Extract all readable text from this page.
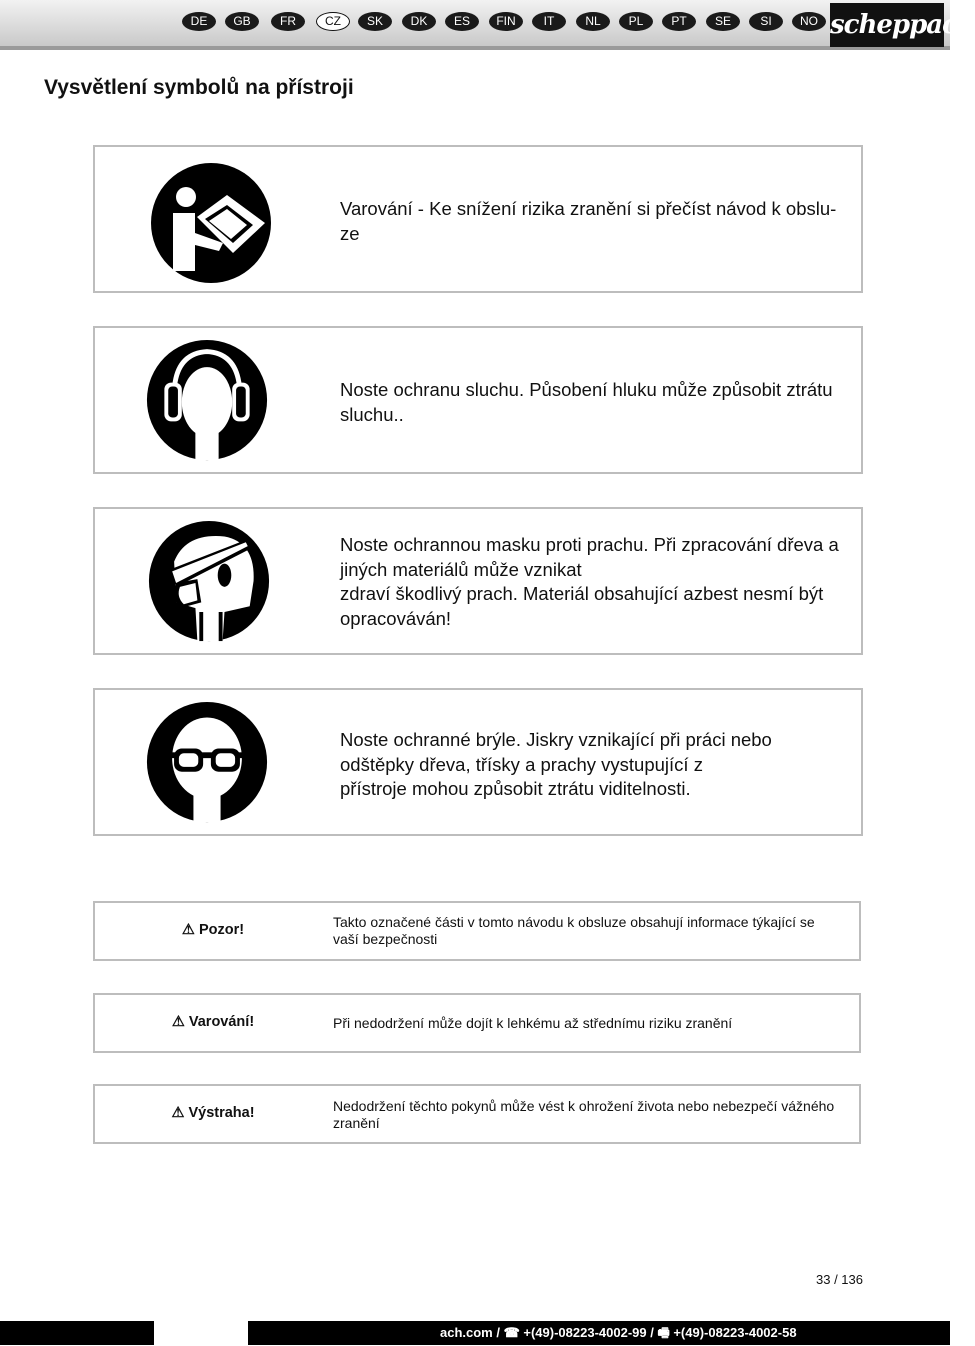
DE	GB	FR	CZ	SK	DK	ES	FIN	IT	NL	PL	PT	SE	SI	NO scheppach
Vysvětlení symbolů na přístroji
Varování - Ke snížení rizika zranění si přečíst návod k obslu-
ze
Noste ochranu sluchu. Působení hluku může způsobit ztrátu
sluchu..
Noste ochrannou masku proti prachu. Při zpracování dřeva a
jiných materiálů může vznikat
zdraví škodlivý prach. Materiál obsahující azbest nesmí být
opracováván!
Noste ochranné brýle. Jiskry vznikající při práci nebo
odštěpky dřeva, třísky a prachy vystupující z
přístroje mohou způsobit ztrátu viditelnosti.
⚠ Pozor!	Takto označené části v tomto návodu k obsluze obsahují informace týkající se
vaší bezpečnosti
⚠ Varování!	Při nedodržení může dojít k lehkému až střednímu riziku zranění
⚠ Výstraha!	Nedodržení těchto pokynů může vést k ohrožení života nebo nebezpečí vážného
zranění
33 / 136
ach.com / ☎ +(49)-08223-4002-99 / 🖷 +(49)-08223-4002-58
